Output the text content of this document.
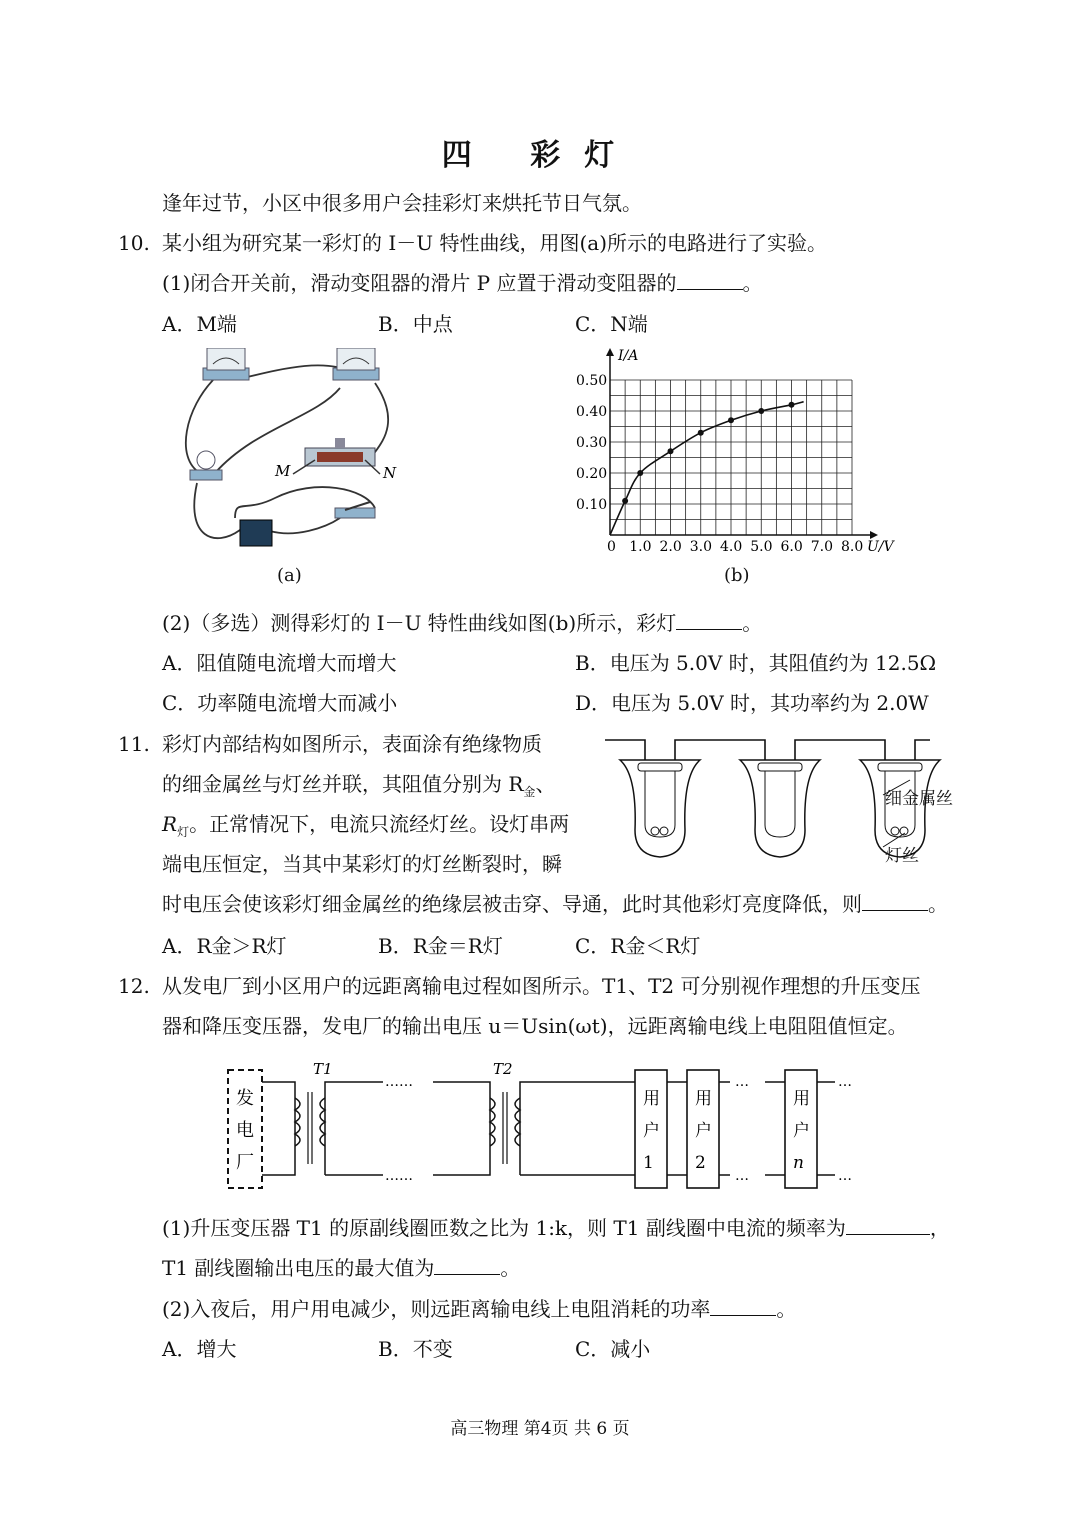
四 彩灯
逢年过节，小区中很多用户会挂彩灯来烘托节日气氛。
10. 某小组为研究某一彩灯的 I－U 特性曲线，用图(a)所示的电路进行了实验。
(1)闭合开关前，滑动变阻器的滑片 P 应置于滑动变阻器的	。
A．M端	B．中点	C．N端
M	N
(a)
0 1.0 2.0 3.0 4.0 5.0 6.0 7.0 8.0
0.10
0.20
0.30
0.40
0.50
I/A
U/V
(b)
(2)（多选）测得彩灯的 I－U 特性曲线如图(b)所示，彩灯	。
A．阻值随电流增大而增大	B．电压为 5.0V 时，其阻值约为 12.5Ω
C．功率随电流增大而减小	D．电压为 5.0V 时，其功率约为 2.0W
11. 彩灯内部结构如图所示，表面涂有绝缘物质
的细金属丝与灯丝并联，其阻值分别为 $R_金$、
$R_灯$。正常情况下，电流只流经灯丝。设灯串两
端电压恒定，当其中某彩灯的灯丝断裂时，瞬
时电压会使该彩灯细金属丝的绝缘层被击穿、导通，此时其他彩灯亮度降低，则	。
A．R金＞R灯	B．R金＝R灯	C．R金＜R灯
细金属丝
灯丝
12. 从发电厂到小区用户的远距离输电过程如图所示。T1、T2 可分别视作理想的升压变压
器和降压变压器，发电厂的输出电压 u＝Usin(ωt)，远距离输电线上电阻阻值恒定。
发电厂
T1
……
……
T2
…
…
…
…
用户 1
用户 2
用户 n
(1)升压变压器 T1 的原副线圈匝数之比为 1:k，则 T1 副线圈中电流的频率为	，
T1 副线圈输出电压的最大值为	。
(2)入夜后，用户用电减少，则远距离输电线上电阻消耗的功率	。
A．增大	B．不变	C．减小
高三物理 第4页 共 6 页
